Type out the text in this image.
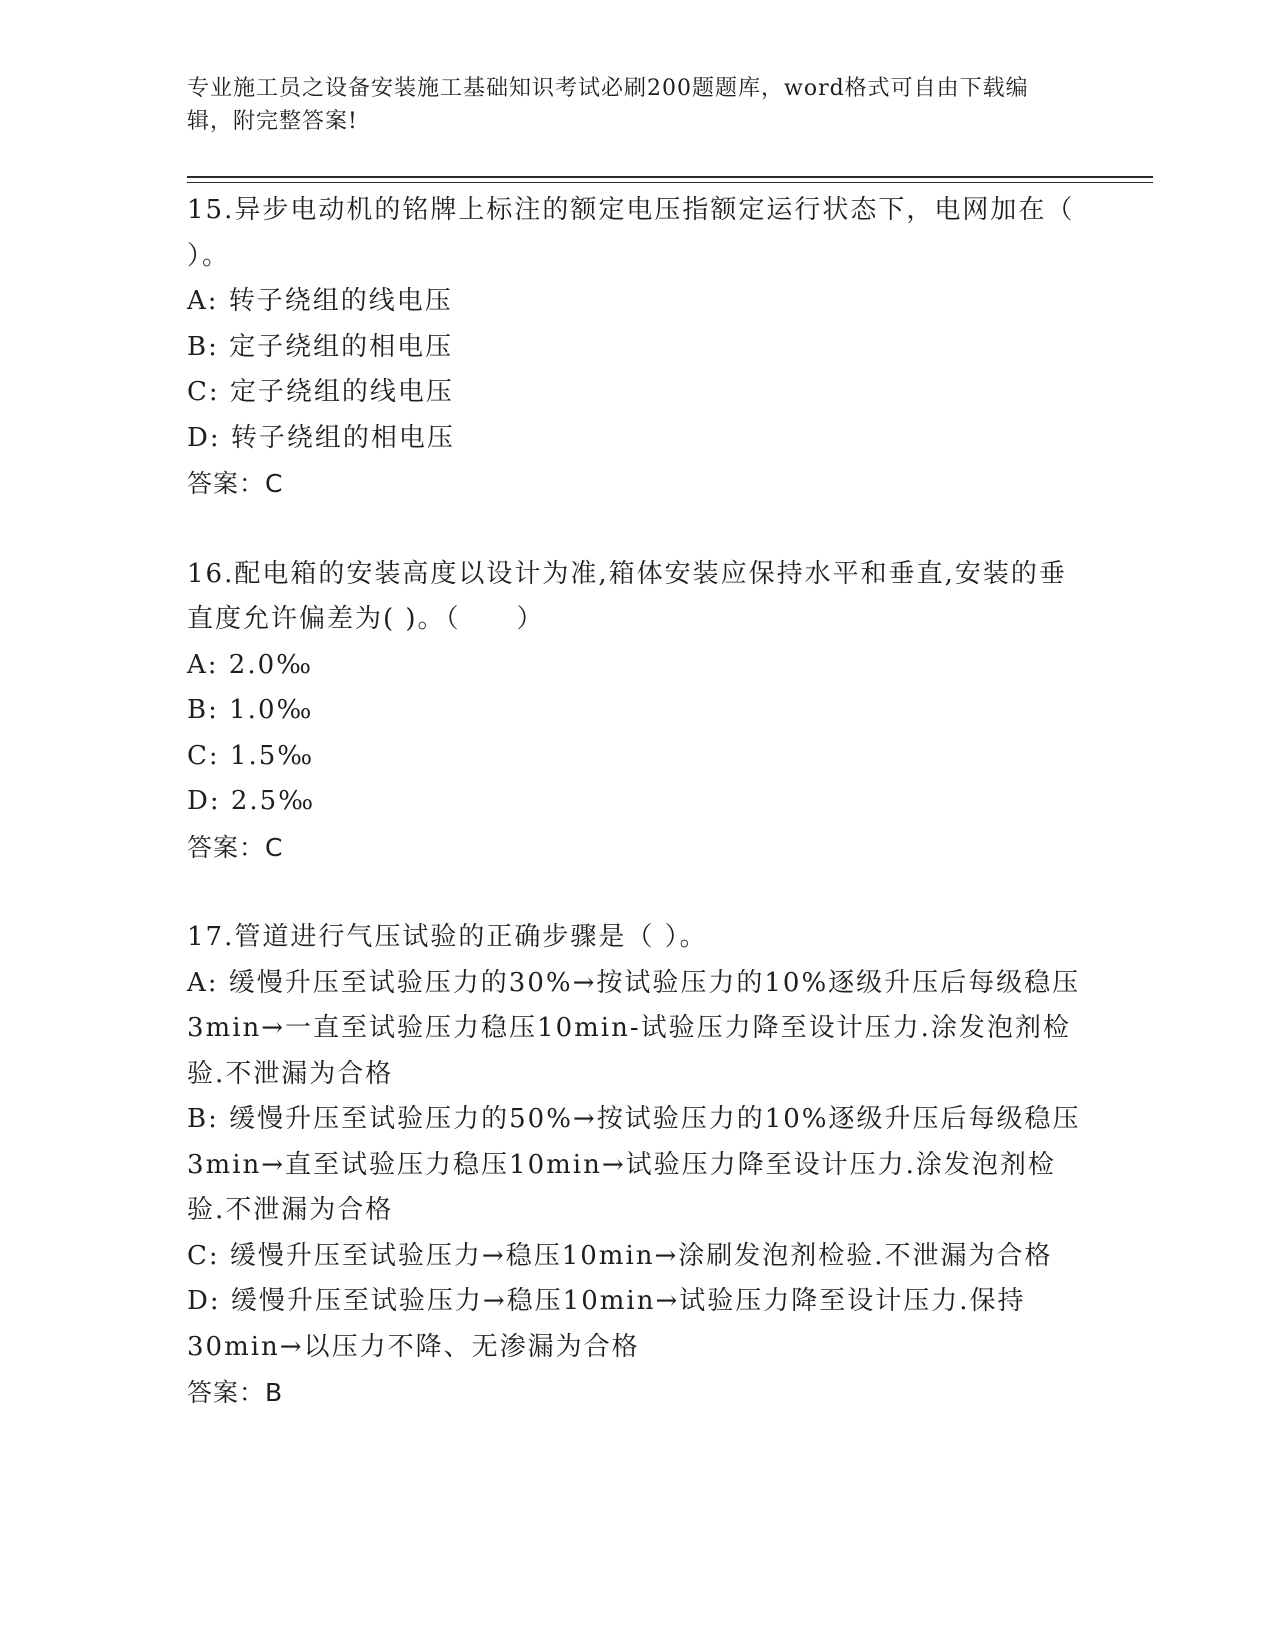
专业施工员之设备安装施工基础知识考试必刷200题题库，word格式可自由下载编辑，附完整答案!

15.异步电动机的铭牌上标注的额定电压指额定运行状态下，电网加在（ ）。

A: 转子绕组的线电压

B: 定子绕组的相电压

C: 定子绕组的线电压

D: 转子绕组的相电压

答案：C

16.配电箱的安装高度以设计为准,箱体安装应保持水平和垂直,安装的垂直度允许偏差为( )。（　　）

A: 2.0‰

B: 1.0‰

C: 1.5‰

D: 2.5‰

答案：C

17.管道进行气压试验的正确步骤是（ ）。

A: 缓慢升压至试验压力的30%→按试验压力的10%逐级升压后每级稳压3min→一直至试验压力稳压10min-试验压力降至设计压力.涂发泡剂检验.不泄漏为合格

B: 缓慢升压至试验压力的50%→按试验压力的10%逐级升压后每级稳压3min→直至试验压力稳压10min→试验压力降至设计压力.涂发泡剂检验.不泄漏为合格

C: 缓慢升压至试验压力→稳压10min→涂刷发泡剂检验.不泄漏为合格

D: 缓慢升压至试验压力→稳压10min→试验压力降至设计压力.保持30min→以压力不降、无渗漏为合格

答案：B
